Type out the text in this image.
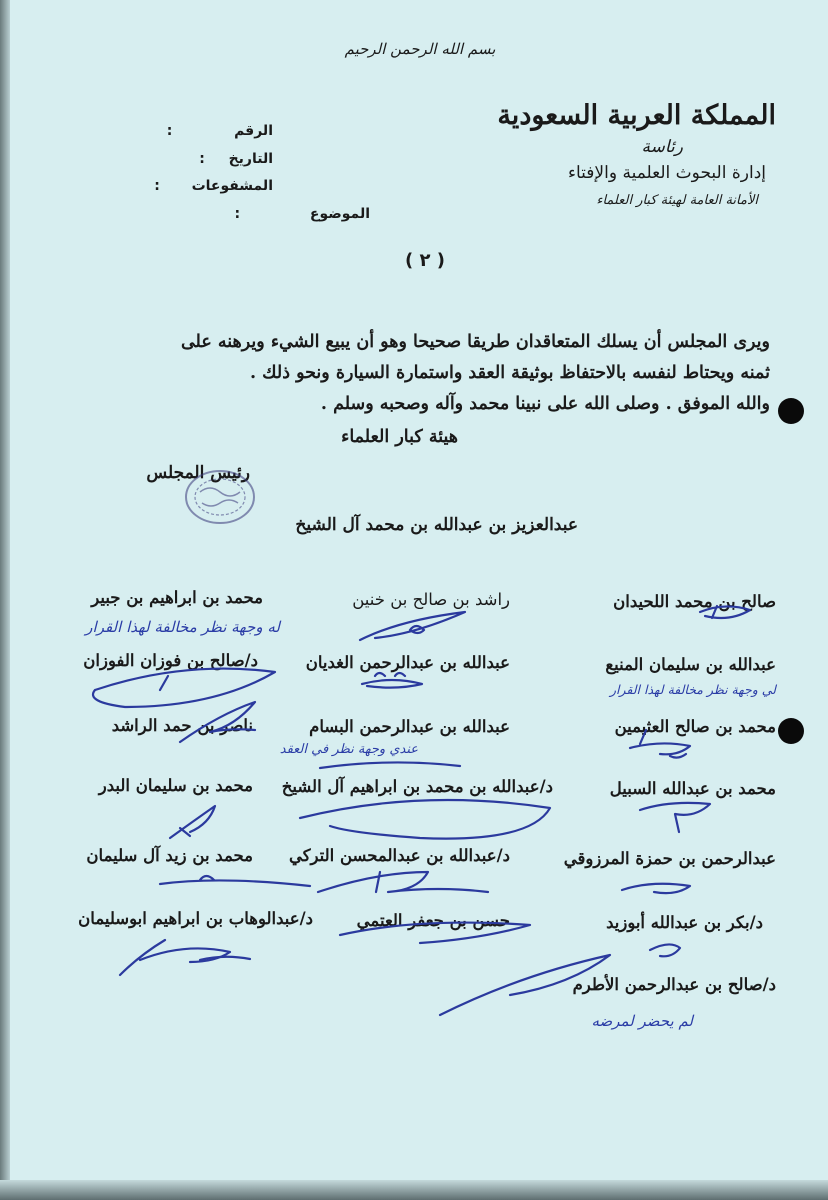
بسم الله الرحمن الرحيم
المملكة العربية السعودية
رئاسة
إدارة البحوث العلمية والإفتاء
الأمانة العامة لهيئة كبار العلماء
الرقم  :
التاريخ  :
المشفوعات  :
الموضوع  :
( ٢ )

ويرى المجلس أن يسلك المتعاقدان طريقا صحيحا وهو أن يبيع الشيء ويرهنه على

ثمنه ويحتاط لنفسه بالاحتفاظ بوثيقة العقد واستمارة السيارة ونحو ذلك .

والله الموفق . وصلى الله على نبينا محمد وآله وصحبه وسلم .

هيئة كبار العلماء
رئيس المجلس
عبدالعزيز بن عبدالله بن محمد آل الشيخ
صالح بن محمد اللحيدان
راشد بن صالح بن خنين
محمد بن ابراهيم بن جبير
عبدالله بن سليمان المنيع
عبدالله بن عبدالرحمن الغديان
د/صالح بن فوزان الفوزان
محمد بن صالح العثيمين
عبدالله بن عبدالرحمن البسام
ناصر بن حمد الراشد
محمد بن عبدالله السبيل
د/عبدالله بن محمد بن ابراهيم آل الشيخ
محمد بن سليمان البدر
عبدالرحمن بن حمزة المرزوقي
د/عبدالله بن عبدالمحسن التركي
محمد بن زيد آل سليمان
د/بكر بن عبدالله أبوزيد
حسن بن جعفر العتمي
د/عبدالوهاب بن ابراهيم ابوسليمان
د/صالح بن عبدالرحمن الأطرم
له وجهة نظر مخالفة لهذا القرار
لي وجهة نظر مخالفة لهذا القرار
عندي وجهة نظر في العقد
لم يحضر لمرضه
